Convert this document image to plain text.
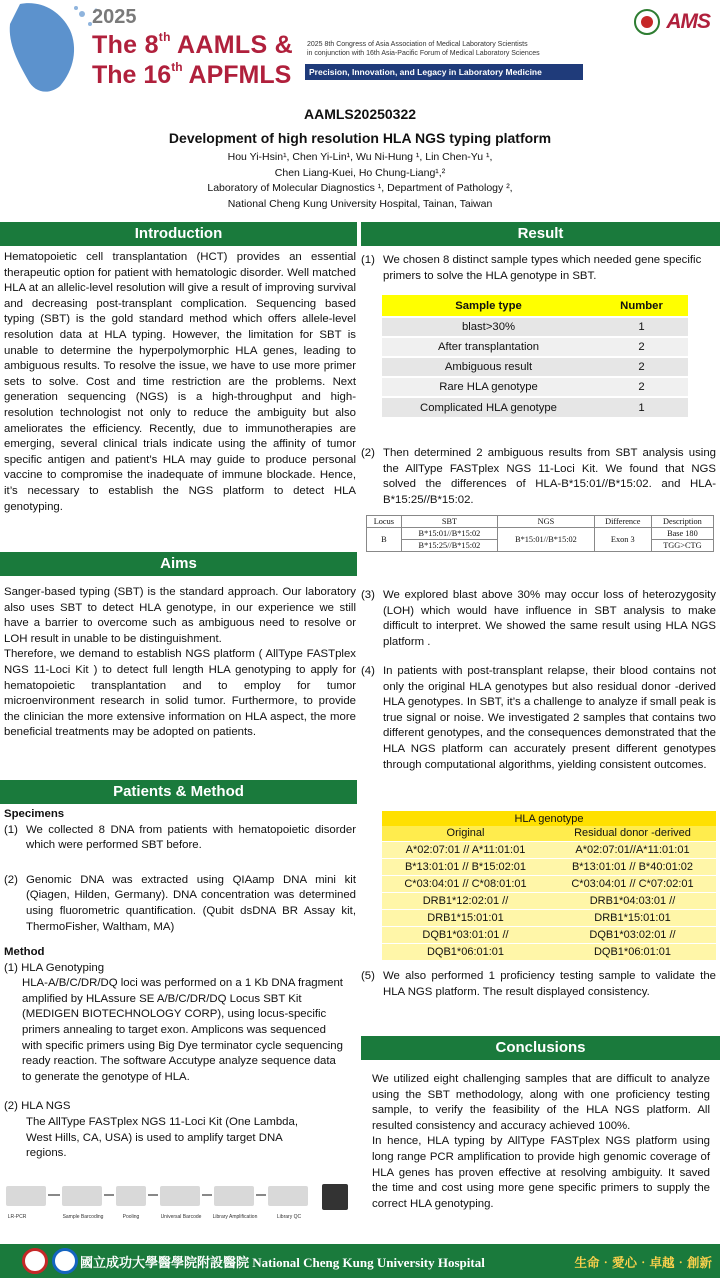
2025
The 8th AAMLS &
The 16th APFMLS
2025 8th Congress of Asia Association of Medical Laboratory Scientists
in conjunction with 16th Asia-Pacific Forum of Medical Laboratory Sciences
Precision, Innovation, and Legacy in Laboratory Medicine
AMS
AAMLS20250322
Development of high resolution HLA NGS typing platform
Hou Yi-Hsin¹, Chen Yi-Lin¹, Wu Ni-Hung ¹, Lin Chen-Yu ¹,
Chen Liang-Kuei, Ho Chung-Liang¹,²
Laboratory of Molecular Diagnostics ¹, Department of Pathology ²,
National Cheng Kung University Hospital, Tainan, Taiwan
Introduction	Result
Aims
Patients & Method
Conclusions
Hematopoietic cell transplantation (HCT) provides an essential therapeutic option for patient with hematologic disorder. Well matched HLA at an allelic-level resolution will give a result of improving survival and decreasing post-transplant complication. Sequencing based typing (SBT) is the gold standard method which offers allele-level resolution data at HLA typing. However, the limitation for SBT is unable to determine the hyperpolymorphic HLA genes, leading to ambiguous results. To resolve the issue, we have to use more primer sets to solve. Cost and time restriction are the problems. Next generation sequencing (NGS) is a high-throughput and high-resolution technologist not only to reduce the ambiguity but also ameliorates the efficiency. Recently, due to immunotherapies are emerging, several clinical trials indicate using the affinity of tumor specific antigen and patient’s HLA may guide to produce personal vaccine to compromise the inadequate of immune blockade. Hence, it’s necessary to establish the NGS platform to detect HLA genotyping.
Sanger-based typing (SBT) is the standard approach. Our laboratory also uses SBT to detect HLA genotype, in our experience we still have a barrier to overcome such as ambiguous need to resolve or LOH result in unable to be distinguishment.
Therefore, we demand to establish NGS platform ( AllType FASTplex NGS 11-Loci Kit ) to detect full length HLA genotyping to apply for hematopoietic transplantation and to employ for tumor microenvironment research in solid tumor. Furthermore, to provide the clinician the more extensive information on HLA aspect, the more beneficial treatments may be adopted on patients.
Specimens
(1) We collected 8 DNA from patients with hematopoietic disorder which were performed SBT before.
(2) Genomic DNA was extracted using QIAamp DNA mini kit (Qiagen, Hilden, Germany). DNA concentration was determined using fluorometric quantification. (Qubit dsDNA BR Assay kit, ThermoFisher, Waltham, MA)
Method
(1) HLA Genotyping
HLA-A/B/C/DR/DQ loci was performed on a 1 Kb DNA fragment amplified by HLAssure SE A/B/C/DR/DQ Locus SBT Kit (MEDIGEN BIOTECHNOLOGY CORP), using locus-specific primers annealing to target exon. Amplicons was sequenced with specific primers using Big Dye terminator cycle sequencing ready reaction. The software Accutype analyze sequence data to generate the genotype of HLA.
(2) HLA NGS
The AllType FASTplex NGS 11-Loci Kit (One Lambda, West Hills, CA, USA) is used to amplify target DNA regions.
LR-PCR	Sample Barcoding	Pooling	Universal Barcode	Library Amplification	Library QC
(1) We chosen 8 distinct sample types which needed gene specific primers to solve the HLA genotype in SBT.
Sample type	Number
blast>30%	1
After transplantation	2
Ambiguous result	2
Rare HLA genotype	2
Complicated HLA genotype	1
(2) Then determined 2 ambiguous results from SBT analysis using the AllType FASTplex NGS 11-Loci Kit. We found that NGS solved the differences of HLA-B*15:01//B*15:02. and HLA-B*15:25//B*15:02.
Locus	SBT	NGS	Difference	Description
B	B*15:01//B*15:02	B*15:01//B*15:02	Exon 3	Base 180
	B*15:25//B*15:02			TGG>CTG
(3) We explored blast above 30% may occur loss of heterozygosity (LOH) which would have influence in SBT analysis to make difficult to interpret. We showed the same result using HLA NGS platform .
(4) In patients with post-transplant relapse, their blood contains not only the original HLA genotypes but also residual donor -derived HLA genotypes. In SBT, it’s a challenge to analyze if small peak is true signal or noise. We investigated 2 samples that contains two different genotypes, and the consequences demonstrated that the HLA NGS platform can accurately present different genotypes through computational algorithms, yielding consistent outcomes.
HLA genotype	
Original	Residual donor -derived
A*02:07:01 // A*11:01:01	A*02:07:01//A*11:01:01
B*13:01:01 // B*15:02:01	B*13:01:01 // B*40:01:02
C*03:04:01 // C*08:01:01	C*03:04:01 // C*07:02:01
DRB1*12:02:01 //	DRB1*04:03:01 //
DRB1*15:01:01	DRB1*15:01:01
DQB1*03:01:01 //	DQB1*03:02:01 //
DQB1*06:01:01	DQB1*06:01:01
(5) We also performed 1 proficiency testing sample to validate the HLA NGS platform. The result displayed consistency.
We utilized eight challenging samples that are difficult to analyze using the SBT methodology, along with one proficiency testing sample, to verify the feasibility of the HLA NGS platform. All resulted consistency and accuracy achieved 100%.
In hence, HLA typing by AllType FASTplex NGS platform using long range PCR amplification to provide high genomic coverage of HLA genes has proven effective at resolving ambiguity. It saved the time and cost using more gene specific primers to supply the correct HLA genotyping.
國立成功大學醫學院附設醫院 National Cheng Kung University Hospital	生命‧愛心‧卓越‧創新
